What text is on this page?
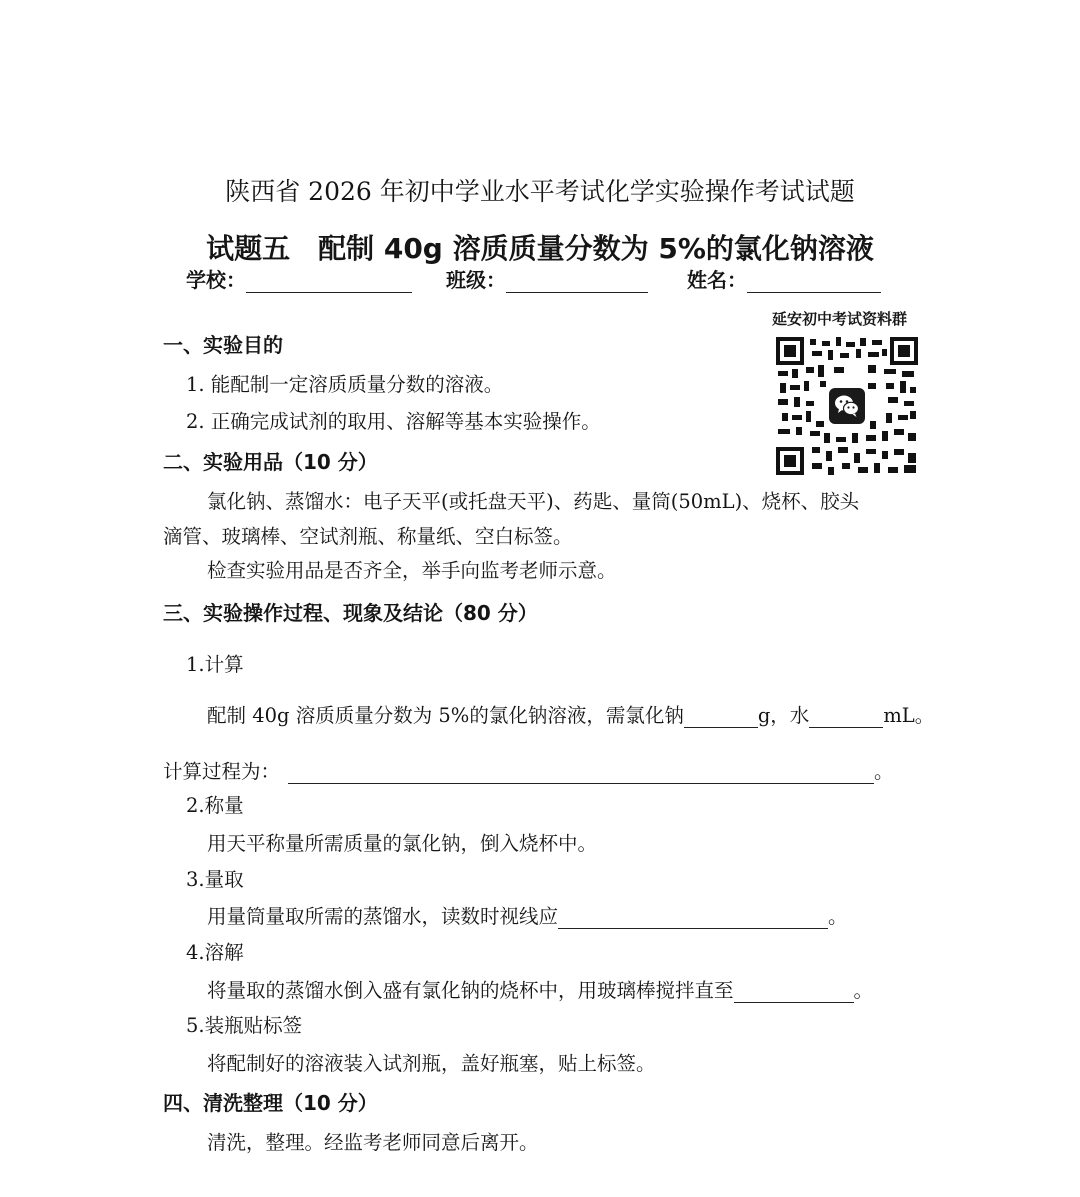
陕西省 2026 年初中学业水平考试化学实验操作考试试题
试题五　配制 40g 溶质质量分数为 5%的氯化钠溶液
学校：	班级：	姓名：
延安初中考试资料群
一、实验目的
1. 能配制一定溶质质量分数的溶液。
2. 正确完成试剂的取用、溶解等基本实验操作。
二、实验用品（10 分）
氯化钠、蒸馏水：电子天平(或托盘天平)、药匙、量筒(50mL)、烧杯、胶头
滴管、玻璃棒、空试剂瓶、称量纸、空白标签。
检查实验用品是否齐全，举手向监考老师示意。
三、实验操作过程、现象及结论（80 分）
1.计算
配制 40g 溶质质量分数为 5%的氯化钠溶液，需氯化钠	g，水	mL。
计算过程为：	。
2.称量
用天平称量所需质量的氯化钠，倒入烧杯中。
3.量取
用量筒量取所需的蒸馏水，读数时视线应	。
4.溶解
将量取的蒸馏水倒入盛有氯化钠的烧杯中，用玻璃棒搅拌直至	。
5.装瓶贴标签
将配制好的溶液装入试剂瓶，盖好瓶塞，贴上标签。
四、清洗整理（10 分）
清洗，整理。经监考老师同意后离开。
